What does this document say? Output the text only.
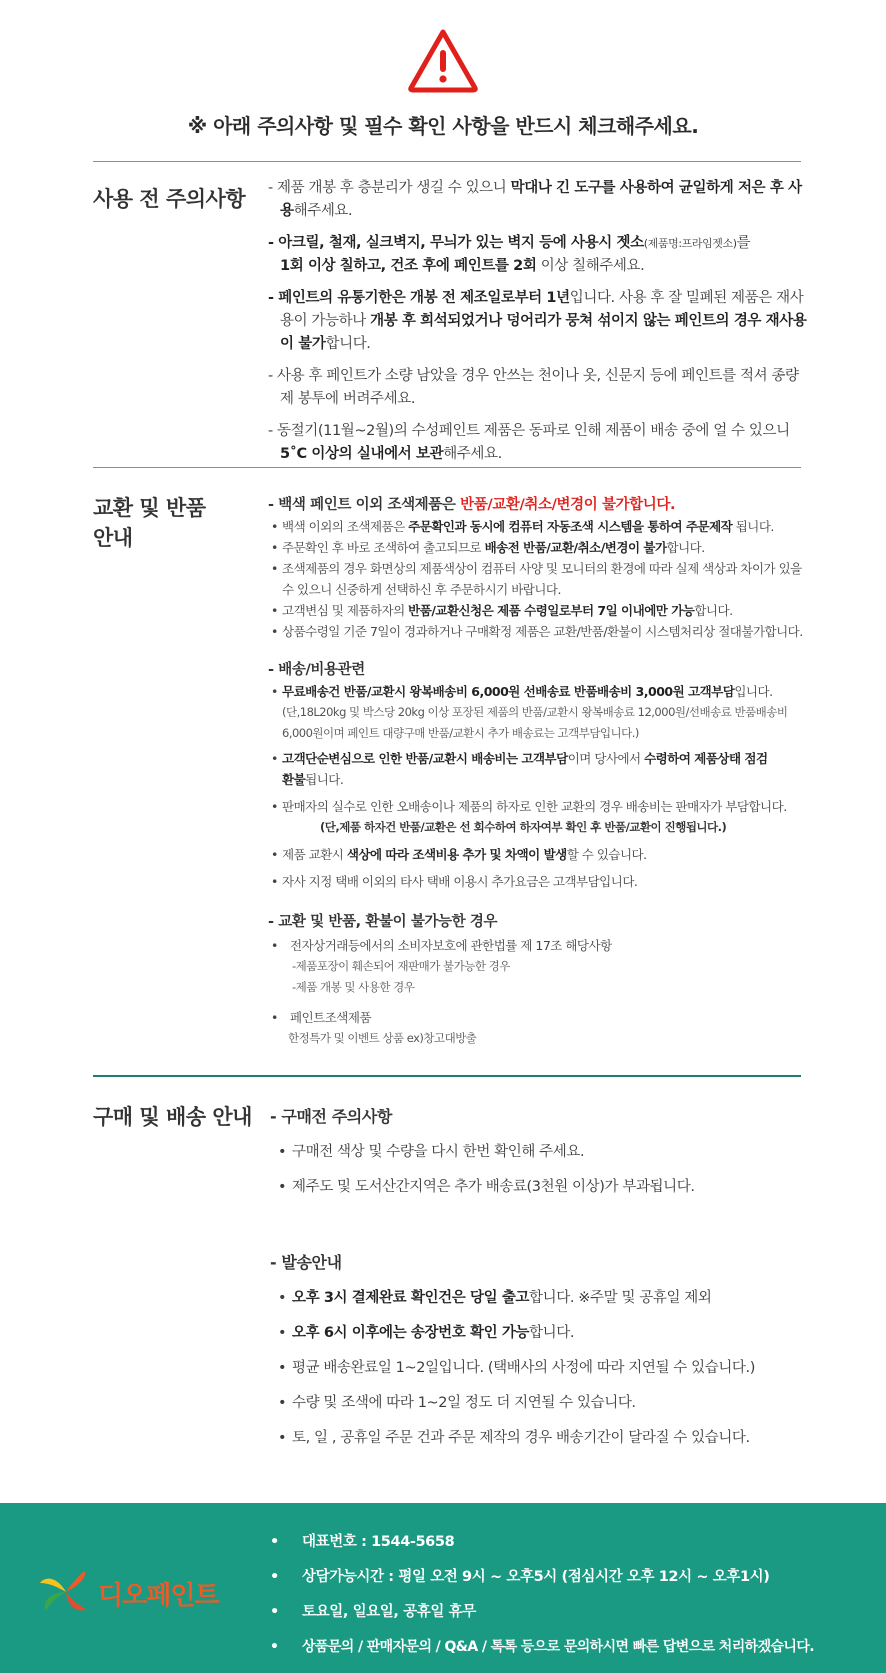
※ 아래 주의사항 및 필수 확인 사항을 반드시 체크해주세요.
사용 전 주의사항 - 제품 개봉 후 층분리가 생길 수 있으니 막대나 긴 도구를 사용하여 균일하게 저은 후 사용해주세요.
- 아크릴, 철재, 실크벽지, 무늬가 있는 벽지 등에 사용시 젯소(제품명:프라임젯소)를
1회 이상 칠하고, 건조 후에 페인트를 2회 이상 칠해주세요.
- 페인트의 유통기한은 개봉 전 제조일로부터 1년입니다. 사용 후 잘 밀폐된 제품은 재사용이 가능하나 개봉 후 희석되었거나 덩어리가 뭉쳐 섞이지 않는 페인트의 경우 재사용이 불가합니다.
- 사용 후 페인트가 소량 남았을 경우 안쓰는 천이나 옷, 신문지 등에 페인트를 적셔 종량제 봉투에 버려주세요.
- 동절기(11월~2월)의 수성페인트 제품은 동파로 인해 제품이 배송 중에 얼 수 있으니 5˚C 이상의 실내에서 보관해주세요.
교환 및 반품
안내
- 백색 페인트 이외 조색제품은 반품/교환/취소/변경이 불가합니다.
• 백색 이외의 조색제품은 주문확인과 동시에 컴퓨터 자동조색 시스템을 통하여 주문제작 됩니다.
• 주문확인 후 바로 조색하여 출고되므로 배송전 반품/교환/취소/변경이 불가합니다.
• 조색제품의 경우 화면상의 제품색상이 컴퓨터 사양 및 모니터의 환경에 따라 실제 색상과 차이가 있을 수 있으니 신중하게 선택하신 후 주문하시기 바랍니다.
• 고객변심 및 제품하자의 반품/교환신청은 제품 수령일로부터 7일 이내에만 가능합니다.
• 상품수령일 기준 7일이 경과하거나 구매확정 제품은 교환/반품/환불이 시스템처리상 절대불가합니다.
- 배송/비용관련
• 무료배송건 반품/교환시 왕복배송비 6,000원 선배송료 반품배송비 3,000원 고객부담입니다.
(단,18L20kg 및 박스당 20kg 이상 포장된 제품의 반품/교환시 왕복배송료 12,000원/선배송료 반품배송비
6,000원이며 페인트 대량구매 반품/교환시 추가 배송료는 고객부담입니다.)
• 고객단순변심으로 인한 반품/교환시 배송비는 고객부담이며 당사에서 수령하여 제품상태 점검
환불됩니다.
• 판매자의 실수로 인한 오배송이나 제품의 하자로 인한 교환의 경우 배송비는 판매자가 부담합니다.
(단,제품 하자건 반품/교환은 선 회수하여 하자여부 확인 후 반품/교환이 진행됩니다.)
• 제품 교환시 색상에 따라 조색비용 추가 및 차액이 발생할 수 있습니다.
• 자사 지정 택배 이외의 타사 택배 이용시 추가요금은 고객부담입니다.
- 교환 및 반품, 환불이 불가능한 경우
• 전자상거래등에서의 소비자보호에 관한법률 제 17조 해당사항
-제품포장이 훼손되어 재판매가 불가능한 경우
-제품 개봉 및 사용한 경우
• 페인트조색제품
한정특가 및 이벤트 상품 ex)창고대방출
구매 및 배송 안내 - 구매전 주의사항
• 구매전 색상 및 수량을 다시 한번 확인해 주세요.
• 제주도 및 도서산간지역은 추가 배송료(3천원 이상)가 부과됩니다.
- 발송안내
• 오후 3시 결제완료 확인건은 당일 출고합니다. ※주말 및 공휴일 제외
• 오후 6시 이후에는 송장번호 확인 가능합니다.
• 평균 배송완료일 1~2일입니다. (택배사의 사정에 따라 지연될 수 있습니다.)
• 수량 및 조색에 따라 1~2일 정도 더 지연될 수 있습니다.
• 토, 일 , 공휴일 주문 건과 주문 제작의 경우 배송기간이 달라질 수 있습니다.
디오페인트
• 대표번호 : 1544-5658
• 상담가능시간 : 평일 오전 9시 ~ 오후5시 (점심시간 오후 12시 ~ 오후1시)
• 토요일, 일요일, 공휴일 휴무
• 상품문의 / 판매자문의 / Q&A / 톡톡 등으로 문의하시면 빠른 답변으로 처리하겠습니다.
